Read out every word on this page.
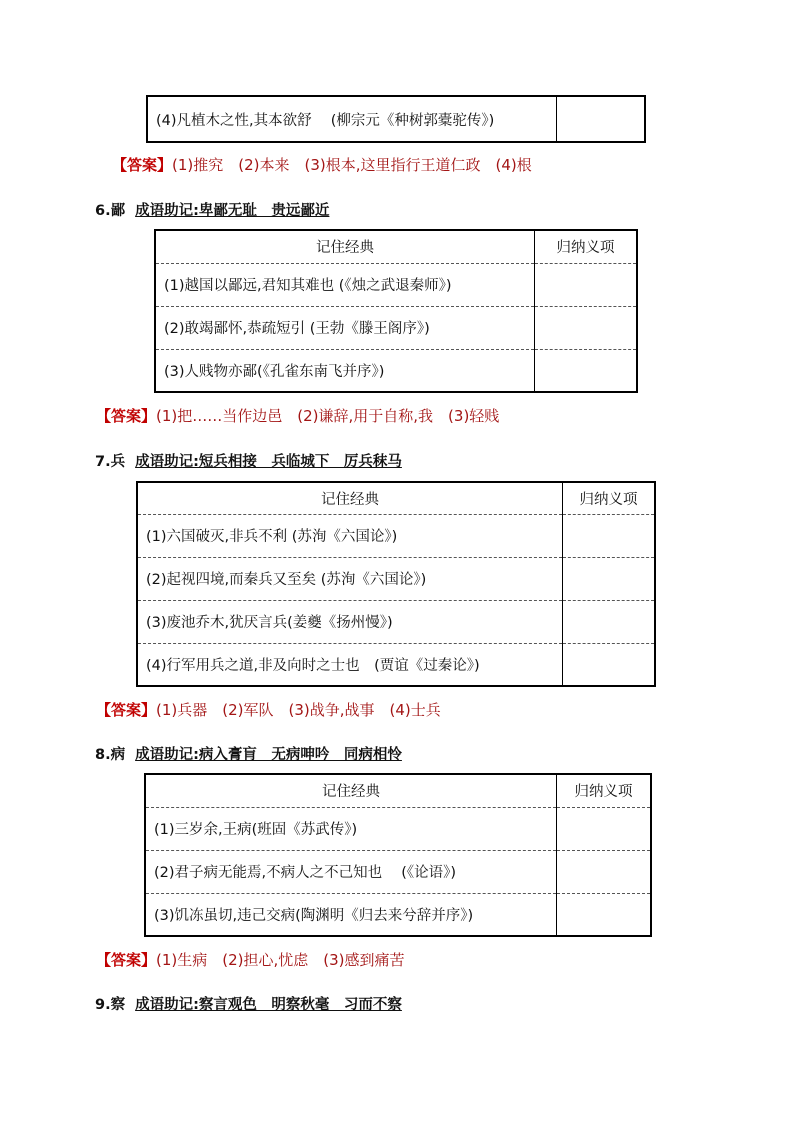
(4)凡植木之性,其本欲舒　 (柳宗元《种树郭橐驼传》)	
【答案】(1)推究　(2)本来　(3)根本,这里指行王道仁政　(4)根
6.鄙 成语助记:卑鄙无耻　贵远鄙近
记住经典	归纳义项
(1)越国以鄙远,君知其难也 (《烛之武退秦师》)	
(2)敢竭鄙怀,恭疏短引 (王勃《滕王阁序》)	
(3)人贱物亦鄙(《孔雀东南飞并序》)	
【答案】(1)把……当作边邑　(2)谦辞,用于自称,我　(3)轻贱
7.兵 成语助记:短兵相接　兵临城下　厉兵秣马
记住经典	归纳义项
(1)六国破灭,非兵不利 (苏洵《六国论》)	
(2)起视四境,而秦兵又至矣 (苏洵《六国论》)	
(3)废池乔木,犹厌言兵(姜夔《扬州慢》)	
(4)行军用兵之道,非及向时之士也　(贾谊《过秦论》)	
【答案】(1)兵器　(2)军队　(3)战争,战事　(4)士兵
8.病 成语助记:病入膏肓　无病呻吟　同病相怜
记住经典	归纳义项
(1)三岁余,王病(班固《苏武传》)	
(2)君子病无能焉,不病人之不己知也　 (《论语》)	
(3)饥冻虽切,违己交病(陶渊明《归去来兮辞并序》)	
【答案】(1)生病　(2)担心,忧虑　(3)感到痛苦
9.察 成语助记:察言观色　明察秋毫　习而不察
